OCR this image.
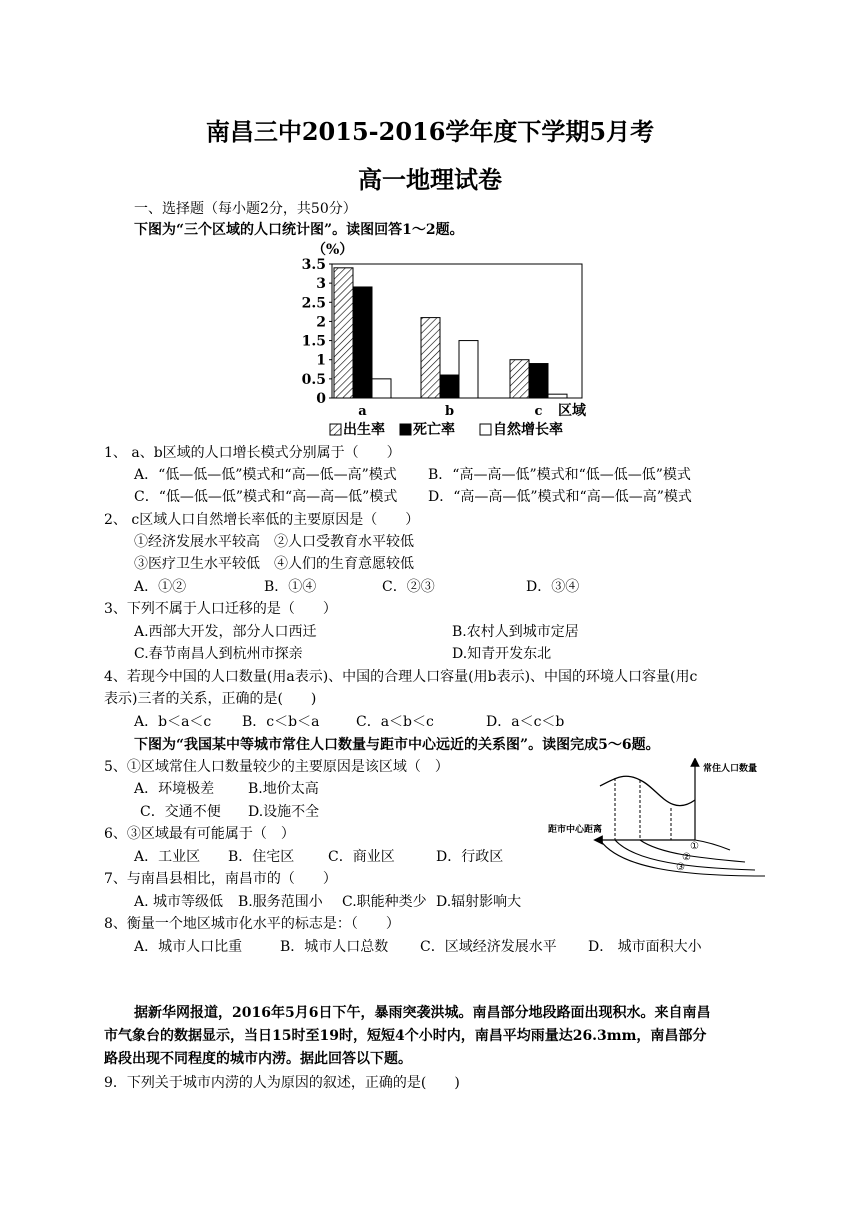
南昌三中2015-2016学年度下学期5月考
高一地理试卷
一、选择题（每小题2分，共50分）
下图为“三个区域的人口统计图”。读图回答1～2题。
（%）
3.5
3
2.5
2
1.5
1
0.5
0
a	b	c 区域
出生率 死亡率	自然增长率
1、 a、b区域的人口增长模式分别属于（　　）
A．“低—低—低”模式和“高—低—高”模式 B．“高—高—低”模式和“低—低—低”模式
C．“低—低—低”模式和“高—高—低”模式 D．“高—高—低”模式和“高—低—高”模式
2、 c区域人口自然增长率低的主要原因是（　　）
①经济发展水平较高　②人口受教育水平较低
③医疗卫生水平较低　④人们的生育意愿较低
A．①②	B．①④	C．②③	D．③④
3、下列不属于人口迁移的是（　　）
A.西部大开发，部分人口西迁	B.农村人到城市定居
C.春节南昌人到杭州市探亲	D.知青开发东北
4、若现今中国的人口数量(用a表示)、中国的合理人口容量(用b表示)、中国的环境人口容量(用c
表示)三者的关系，正确的是(　　)
A．b＜a＜c B．c＜b＜a	C．a＜b＜c	D．a＜c＜b
下图为“我国某中等城市常住人口数量与距市中心远近的关系图”。读图完成5～6题。
5、①区域常住人口数量较少的主要原因是该区域（　）
A．环境极差 B.地价太高
C．交通不便 D.设施不全
6、③区域最有可能属于（　）
A．工业区 B．住宅区 C．商业区	D．行政区
7、与南昌县相比，南昌市的（　　）
A. 城市等级低 B.服务范围小 C.职能种类少 D.辐射影响大
8、衡量一个地区城市化水平的标志是：（　　）
A．城市人口比重	B．城市人口总数 C．区域经济发展水平 D． 城市面积大小
常住人口数量
距市中心距离
①
②
③
据新华网报道，2016年5月6日下午，暴雨突袭洪城。南昌部分地段路面出现积水。来自南昌
市气象台的数据显示，当日15时至19时，短短4个小时内，南昌平均雨量达26.3mm，南昌部分
路段出现不同程度的城市内涝。据此回答以下题。
9．下列关于城市内涝的人为原因的叙述，正确的是(　　)
